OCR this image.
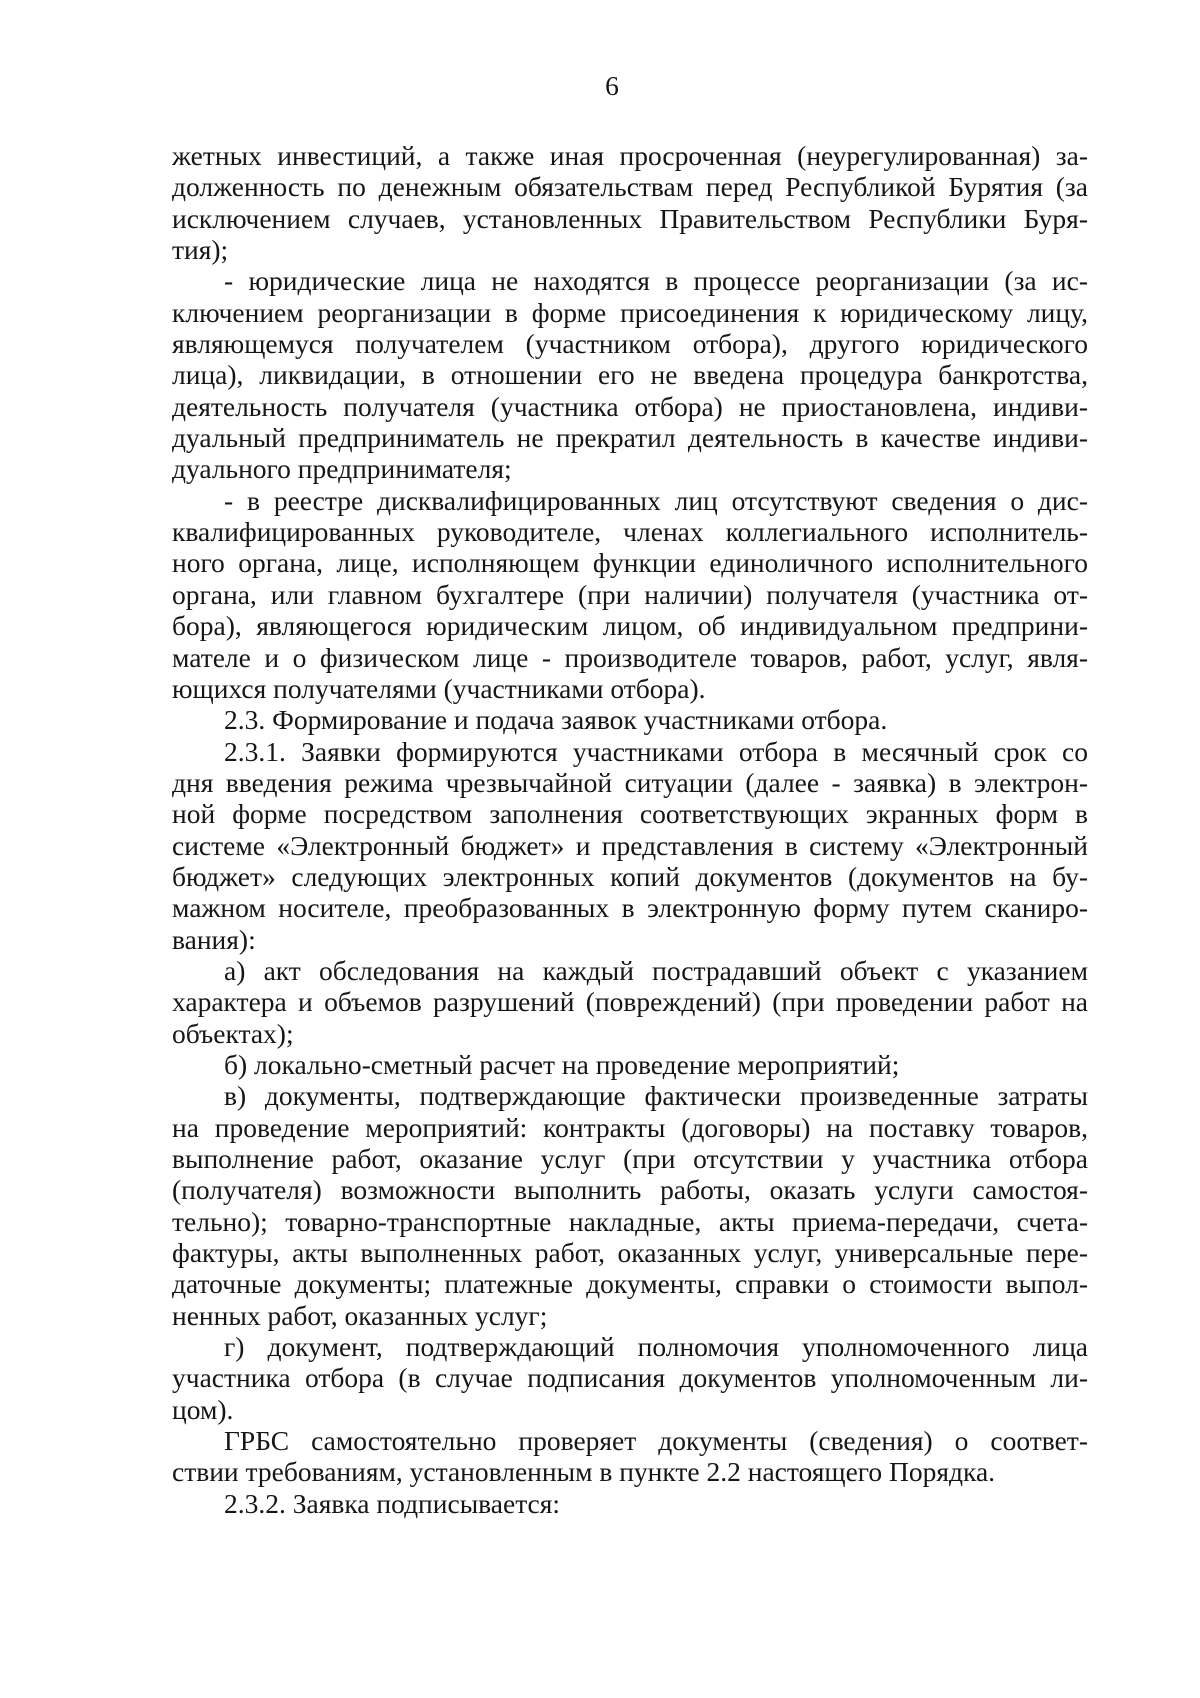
6
жетных инвестиций, а также иная просроченная (неурегулированная) за-
долженность по денежным обязательствам перед Республикой Бурятия (за
исключением случаев, установленных Правительством Республики Буря-
тия);
- юридические лица не находятся в процессе реорганизации (за ис-
ключением реорганизации в форме присоединения к юридическому лицу,
являющемуся получателем (участником отбора), другого юридического
лица), ликвидации, в отношении его не введена процедура банкротства,
деятельность получателя (участника отбора) не приостановлена, индиви-
дуальный предприниматель не прекратил деятельность в качестве индиви-
дуального предпринимателя;
- в реестре дисквалифицированных лиц отсутствуют сведения о дис-
квалифицированных руководителе, членах коллегиального исполнитель-
ного органа, лице, исполняющем функции единоличного исполнительного
органа, или главном бухгалтере (при наличии) получателя (участника от-
бора), являющегося юридическим лицом, об индивидуальном предприни-
мателе и о физическом лице - производителе товаров, работ, услуг, явля-
ющихся получателями (участниками отбора).
2.3. Формирование и подача заявок участниками отбора.
2.3.1. Заявки формируются участниками отбора в месячный срок со
дня введения режима чрезвычайной ситуации (далее - заявка) в электрон-
ной форме посредством заполнения соответствующих экранных форм в
системе «Электронный бюджет» и представления в систему «Электронный
бюджет» следующих электронных копий документов (документов на бу-
мажном носителе, преобразованных в электронную форму путем сканиро-
вания):
а) акт обследования на каждый пострадавший объект с указанием
характера и объемов разрушений (повреждений) (при проведении работ на
объектах);
б) локально-сметный расчет на проведение мероприятий;
в) документы, подтверждающие фактически произведенные затраты
на проведение мероприятий: контракты (договоры) на поставку товаров,
выполнение работ, оказание услуг (при отсутствии у участника отбора
(получателя) возможности выполнить работы, оказать услуги самостоя-
тельно); товарно-транспортные накладные, акты приема-передачи, счета-
фактуры, акты выполненных работ, оказанных услуг, универсальные пере-
даточные документы; платежные документы, справки о стоимости выпол-
ненных работ, оказанных услуг;
г) документ, подтверждающий полномочия уполномоченного лица
участника отбора (в случае подписания документов уполномоченным ли-
цом).
ГРБС самостоятельно проверяет документы (сведения) о соответ-
ствии требованиям, установленным в пункте 2.2 настоящего Порядка.
2.3.2. Заявка подписывается:
